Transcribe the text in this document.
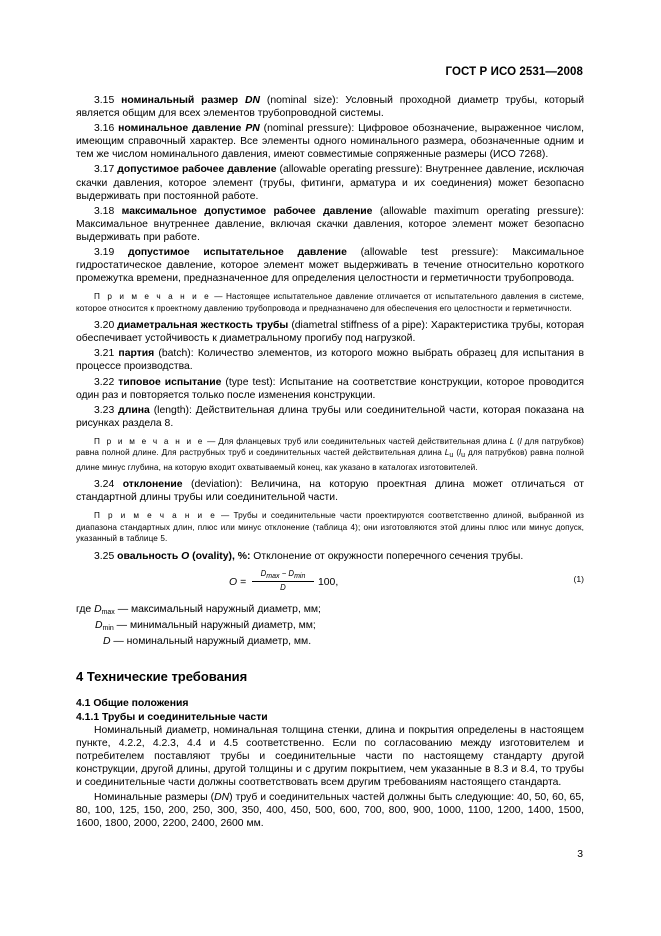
ГОСТ Р ИСО 2531—2008

3.15 номинальный размер DN (nominal size): Условный проходной диаметр трубы, который является общим для всех элементов трубопроводной системы.

3.16 номинальное давление PN (nominal pressure): Цифровое обозначение, выраженное числом, имеющим справочный характер. Все элементы одного номинального размера, обозначенные одним и тем же числом номинального давления, имеют совместимые сопряженные размеры (ИСО 7268).

3.17 допустимое рабочее давление (allowable operating pressure): Внутреннее давление, исключая скачки давления, которое элемент (трубы, фитинги, арматура и их соединения) может безопасно выдерживать при постоянной работе.

3.18 максимальное допустимое рабочее давление (allowable maximum operating pressure): Максимальное внутреннее давление, включая скачки давления, которое элемент может безопасно выдерживать при работе.

3.19 допустимое испытательное давление (allowable test pressure): Максимальное гидростатическое давление, которое элемент может выдерживать в течение относительно короткого промежутка времени, предназначенное для определения целостности и герметичности трубопровода.

П р и м е ч а н и е — Настоящее испытательное давление отличается от испытательного давления в системе, которое относится к проектному давлению трубопровода и предназначено для обеспечения его целостности и герметичности.

3.20 диаметральная жесткость трубы (diametral stiffness of a pipe): Характеристика трубы, которая обеспечивает устойчивость к диаметральному прогибу под нагрузкой.

3.21 партия (batch): Количество элементов, из которого можно выбрать образец для испытания в процессе производства.

3.22 типовое испытание (type test): Испытание на соответствие конструкции, которое проводится один раз и повторяется только после изменения конструкции.

3.23 длина (length): Действительная длина трубы или соединительной части, которая показана на рисунках раздела 8.

П р и м е ч а н и е — Для фланцевых труб или соединительных частей действительная длина L (l для патрубков) равна полной длине. Для раструбных труб и соединительных частей действительная длина $L_u$ ($l_u$ для патрубков) равна полной длине минус глубина, на которую входит охватываемый конец, как указано в каталогах изготовителей.

3.24 отклонение (deviation): Величина, на которую проектная длина может отличаться от стандартной длины трубы или соединительной части.

П р и м е ч а н и е — Трубы и соединительные части проектируются соответственно длиной, выбранной из диапазона стандартных длин, плюс или минус отклонение (таблица 4); они изготовляются этой длины плюс или минус допуск, указанный в таблице 5.

3.25 овальность O (ovality), %: Отклонение от окружности поперечного сечения трубы.

O =
$D_{max} - D_{min}$
D	100,	(1)
где $D_{max}$ — максимальный наружный диаметр, мм;
$D_{min}$ — минимальный наружный диаметр, мм;
D — номинальный наружный диаметр, мм.
4 Технические требования

4.1 Общие положения

4.1.1 Трубы и соединительные части

Номинальный диаметр, номинальная толщина стенки, длина и покрытия определены в настоящем пункте, 4.2.2, 4.2.3, 4.4 и 4.5 соответственно. Если по согласованию между изготовителем и потребителем поставляют трубы и соединительные части по настоящему стандарту другой конструкции, другой длины, другой толщины и с другим покрытием, чем указанные в 8.3 и 8.4, то трубы и соединительные части должны соответствовать всем другим требованиям настоящего стандарта.

Номинальные размеры (DN) труб и соединительных частей должны быть следующие: 40, 50, 60, 65, 80, 100, 125, 150, 200, 250, 300, 350, 400, 450, 500, 600, 700, 800, 900, 1000, 1100, 1200, 1400, 1500, 1600, 1800, 2000, 2200, 2400, 2600 мм.

3
